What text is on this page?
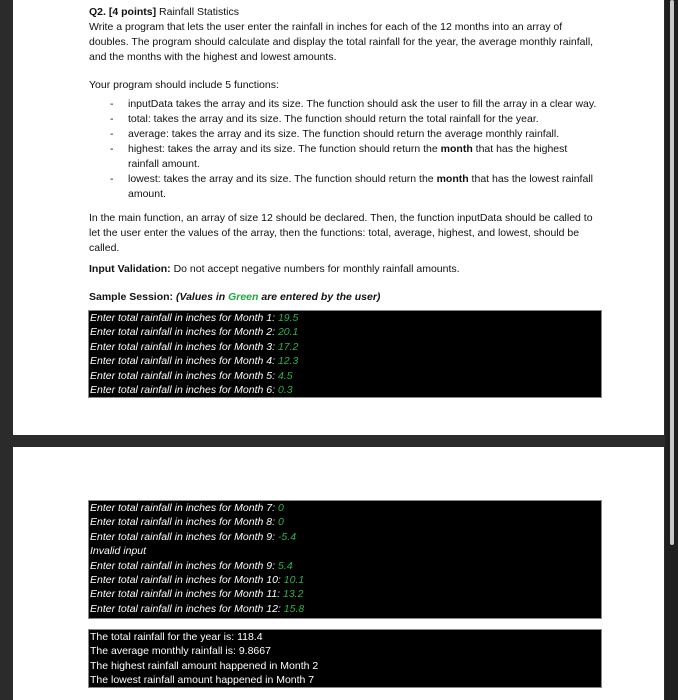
Q2. [4 points] Rainfall Statistics

Write a program that lets the user enter the rainfall in inches for each of the 12 months into an array of doubles. The program should calculate and display the total rainfall for the year, the average monthly rainfall, and the months with the highest and lowest amounts.

Your program should include 5 functions:

- inputData takes the array and its size. The function should ask the user to fill the array in a clear way.
- total: takes the array and its size. The function should return the total rainfall for the year.
- average: takes the array and its size. The function should return the average monthly rainfall.
- highest: takes the array and its size. The function should return the month that has the highest rainfall amount.
- lowest: takes the array and its size. The function should return the month that has the lowest rainfall amount.

In the main function, an array of size 12 should be declared. Then, the function inputData should be called to let the user enter the values of the array, then the functions: total, average, highest, and lowest, should be called.

Input Validation: Do not accept negative numbers for monthly rainfall amounts.

Sample Session: (Values in Green are entered by the user)
Enter total rainfall in inches for Month 1: 19.5
Enter total rainfall in inches for Month 2: 20.1
Enter total rainfall in inches for Month 3: 17.2
Enter total rainfall in inches for Month 4: 12.3
Enter total rainfall in inches for Month 5: 4.5
Enter total rainfall in inches for Month 6: 0.3
Enter total rainfall in inches for Month 7: 0
Enter total rainfall in inches for Month 8: 0
Enter total rainfall in inches for Month 9: -5.4
Invalid input
Enter total rainfall in inches for Month 9: 5.4
Enter total rainfall in inches for Month 10: 10.1
Enter total rainfall in inches for Month 11: 13.2
Enter total rainfall in inches for Month 12: 15.8
The total rainfall for the year is: 118.4
The average monthly rainfall is: 9.8667
The highest rainfall amount happened in Month 2
The lowest rainfall amount happened in Month 7
